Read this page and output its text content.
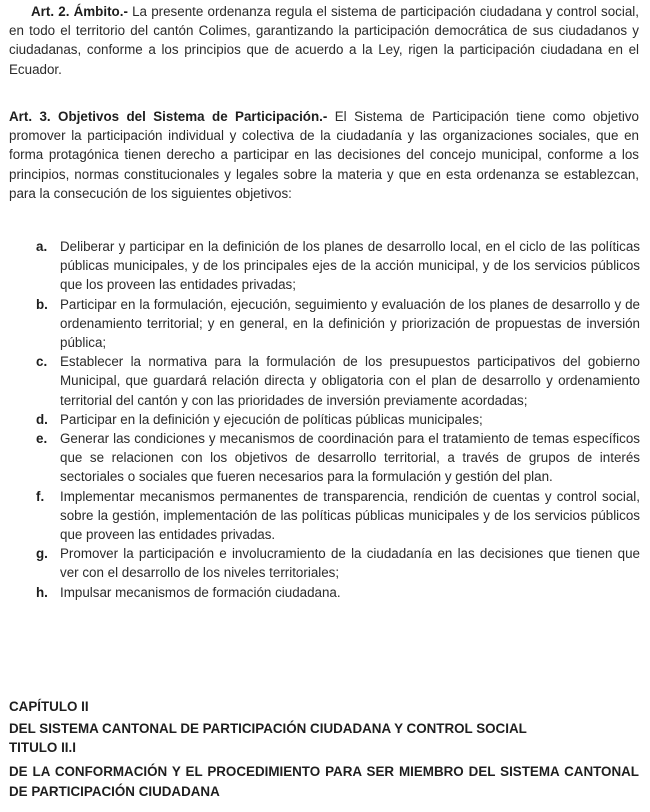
Art. 2. Ámbito.- La presente ordenanza regula el sistema de participación ciudadana y control social, en todo el territorio del cantón Colimes, garantizando la participación democrática de sus ciudadanos y ciudadanas, conforme a los principios que de acuerdo a la Ley, rigen la participación ciudadana en el Ecuador.

Art. 3. Objetivos del Sistema de Participación.- El Sistema de Participación tiene como objetivo promover la participación individual y colectiva de la ciudadanía y las organizaciones sociales, que en forma protagónica tienen derecho a participar en las decisiones del concejo municipal, conforme a los principios, normas constitucionales y legales sobre la materia y que en esta ordenanza se establezcan, para la consecución de los siguientes objetivos:

a. Deliberar y participar en la definición de los planes de desarrollo local, en el ciclo de las políticas públicas municipales, y de los principales ejes de la acción municipal, y de los servicios públicos que los proveen las entidades privadas;
b. Participar en la formulación, ejecución, seguimiento y evaluación de los planes de desarrollo y de ordenamiento territorial; y en general, en la definición y priorización de propuestas de inversión pública;
c. Establecer la normativa para la formulación de los presupuestos participativos del gobierno Municipal, que guardará relación directa y obligatoria con el plan de desarrollo y ordenamiento territorial del cantón y con las prioridades de inversión previamente acordadas;
d. Participar en la definición y ejecución de políticas públicas municipales;
e. Generar las condiciones y mecanismos de coordinación para el tratamiento de temas específicos que se relacionen con los objetivos de desarrollo territorial, a través de grupos de interés sectoriales o sociales que fueren necesarios para la formulación y gestión del plan.
f. Implementar mecanismos permanentes de transparencia, rendición de cuentas y control social, sobre la gestión, implementación de las políticas públicas municipales y de los servicios públicos que proveen las entidades privadas.
g. Promover la participación e involucramiento de la ciudadanía en las decisiones que tienen que ver con el desarrollo de los niveles territoriales;
h. Impulsar mecanismos de formación ciudadana.

CAPÍTULO II

DEL SISTEMA CANTONAL DE PARTICIPACIÓN CIUDADANA Y CONTROL SOCIAL

TITULO II.I

DE LA CONFORMACIÓN Y EL PROCEDIMIENTO PARA SER MIEMBRO DEL SISTEMA CANTONAL DE PARTICIPACIÓN CIUDADANA
